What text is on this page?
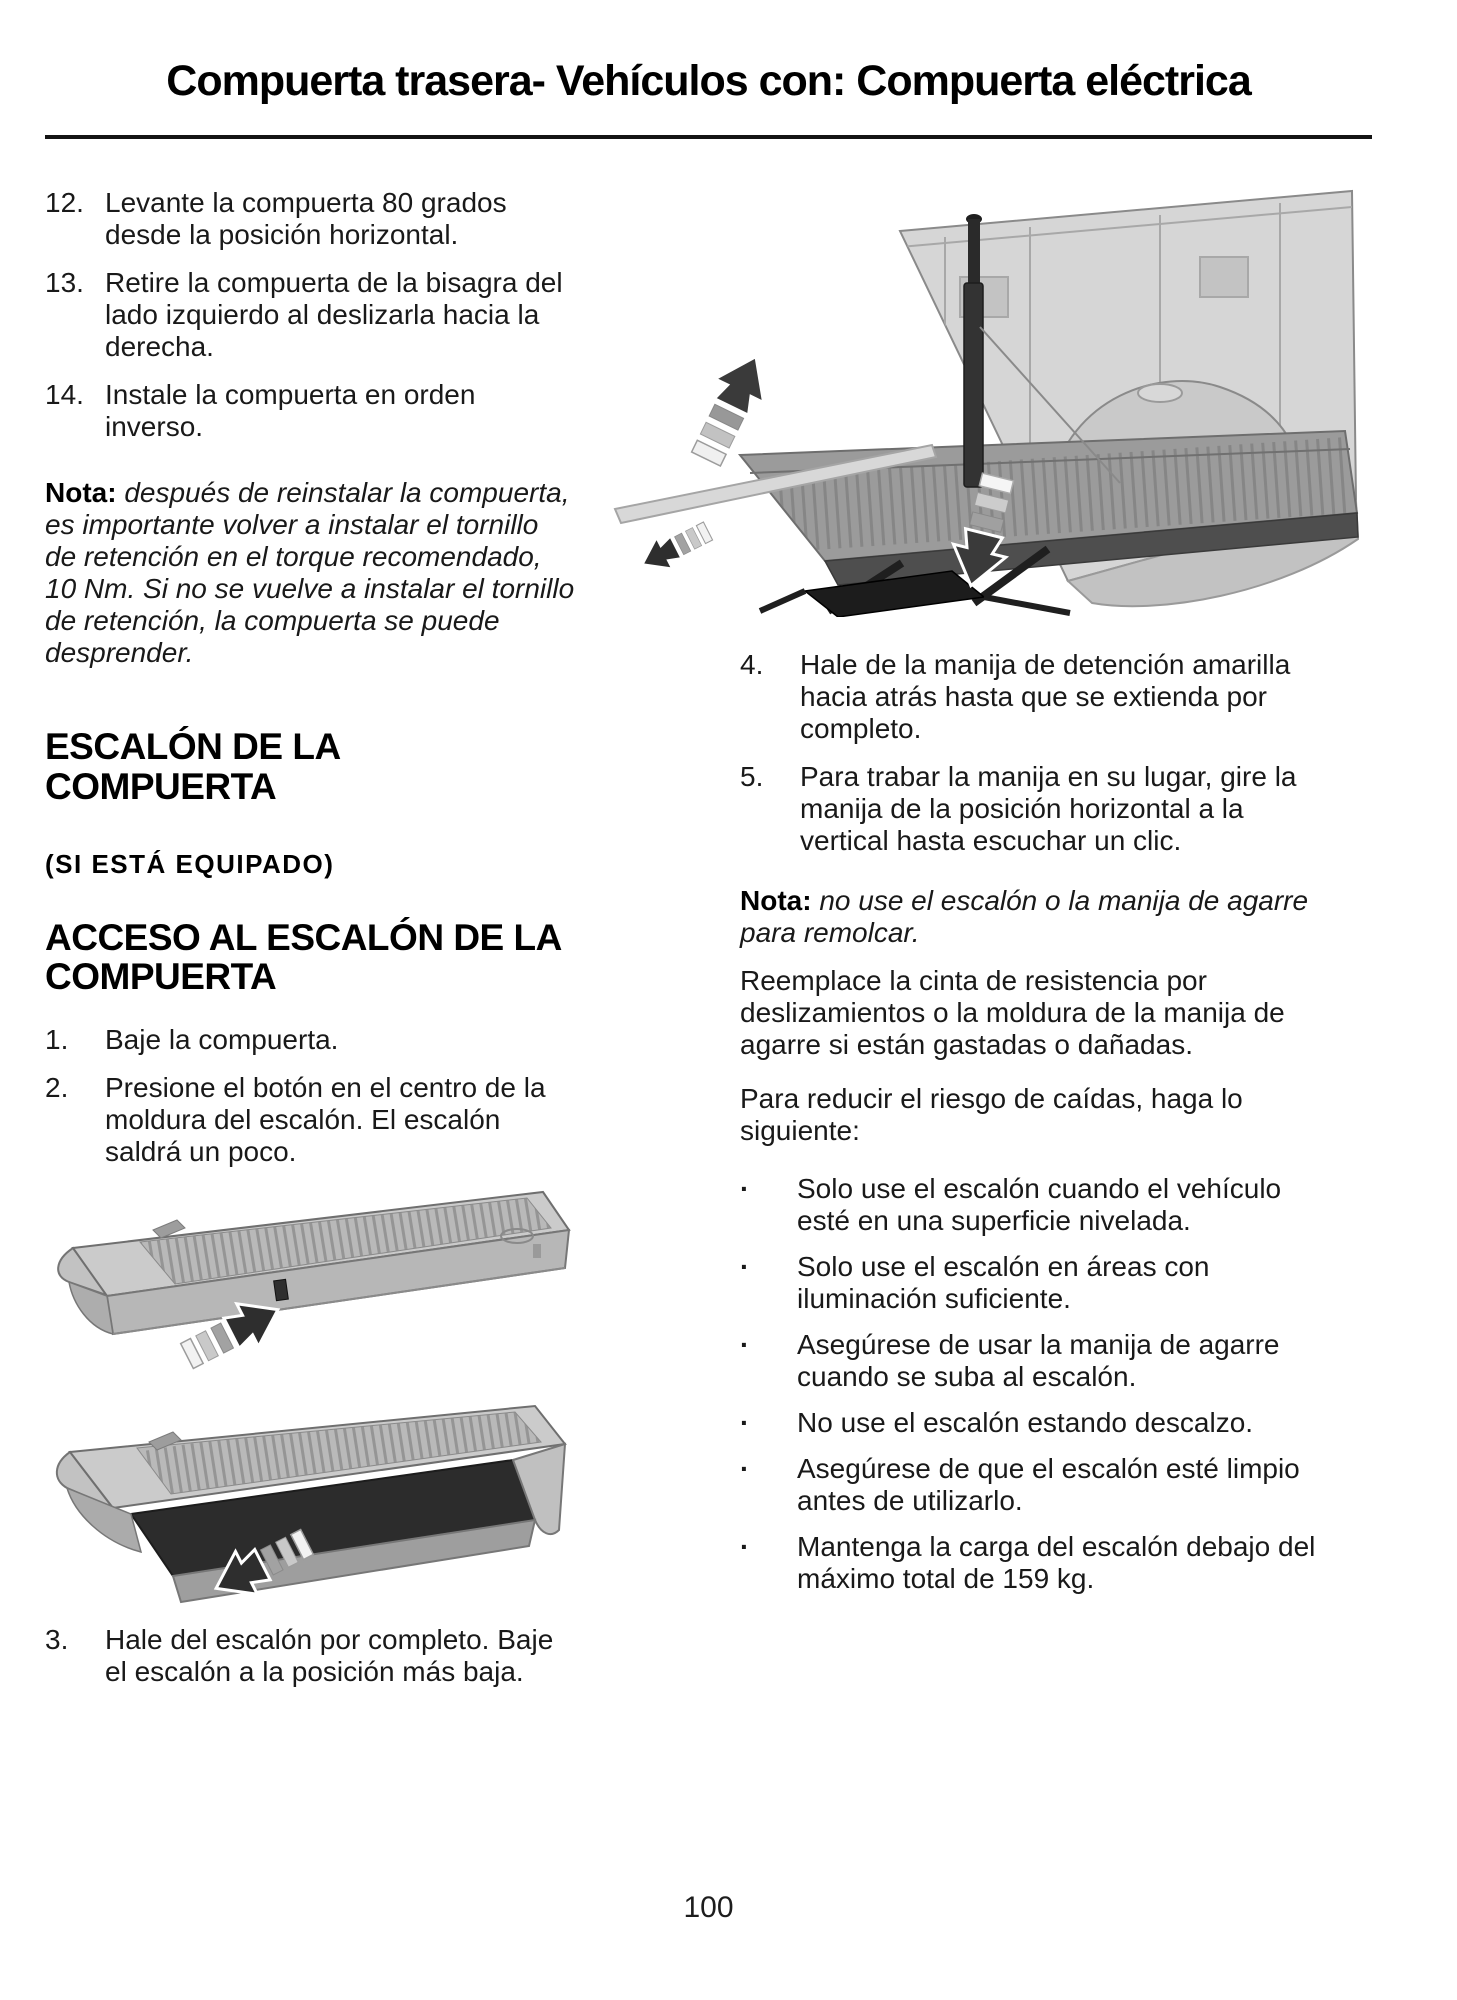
Compuerta trasera- Vehículos con: Compuerta eléctrica
12. Levante la compuerta 80 grados desde la posición horizontal.
13. Retire la compuerta de la bisagra del lado izquierdo al deslizarla hacia la derecha.
14. Instale la compuerta en orden inverso.
Nota: después de reinstalar la compuerta, es importante volver a instalar el tornillo de retención en el torque recomendado, 10 Nm. Si no se vuelve a instalar el tornillo de retención, la compuerta se puede desprender.
ESCALÓN DE LA COMPUERTA
(SI ESTÁ EQUIPADO)
ACCESO AL ESCALÓN DE LA COMPUERTA
1.	Baje la compuerta.
2.	Presione el botón en el centro de la moldura del escalón. El escalón saldrá un poco.
3.	Hale del escalón por completo. Baje el escalón a la posición más baja.
4.	Hale de la manija de detención amarilla hacia atrás hasta que se extienda por completo.
5.	Para trabar la manija en su lugar, gire la manija de la posición horizontal a la vertical hasta escuchar un clic.
Nota: no use el escalón o la manija de agarre para remolcar.
Reemplace la cinta de resistencia por deslizamientos o la moldura de la manija de agarre si están gastadas o dañadas.
Para reducir el riesgo de caídas, haga lo siguiente:
·	Solo use el escalón cuando el vehículo esté en una superficie nivelada.
·	Solo use el escalón en áreas con iluminación suficiente.
·	Asegúrese de usar la manija de agarre cuando se suba al escalón.
·	No use el escalón estando descalzo.
·	Asegúrese de que el escalón esté limpio antes de utilizarlo.
·	Mantenga la carga del escalón debajo del máximo total de 159 kg.
100
